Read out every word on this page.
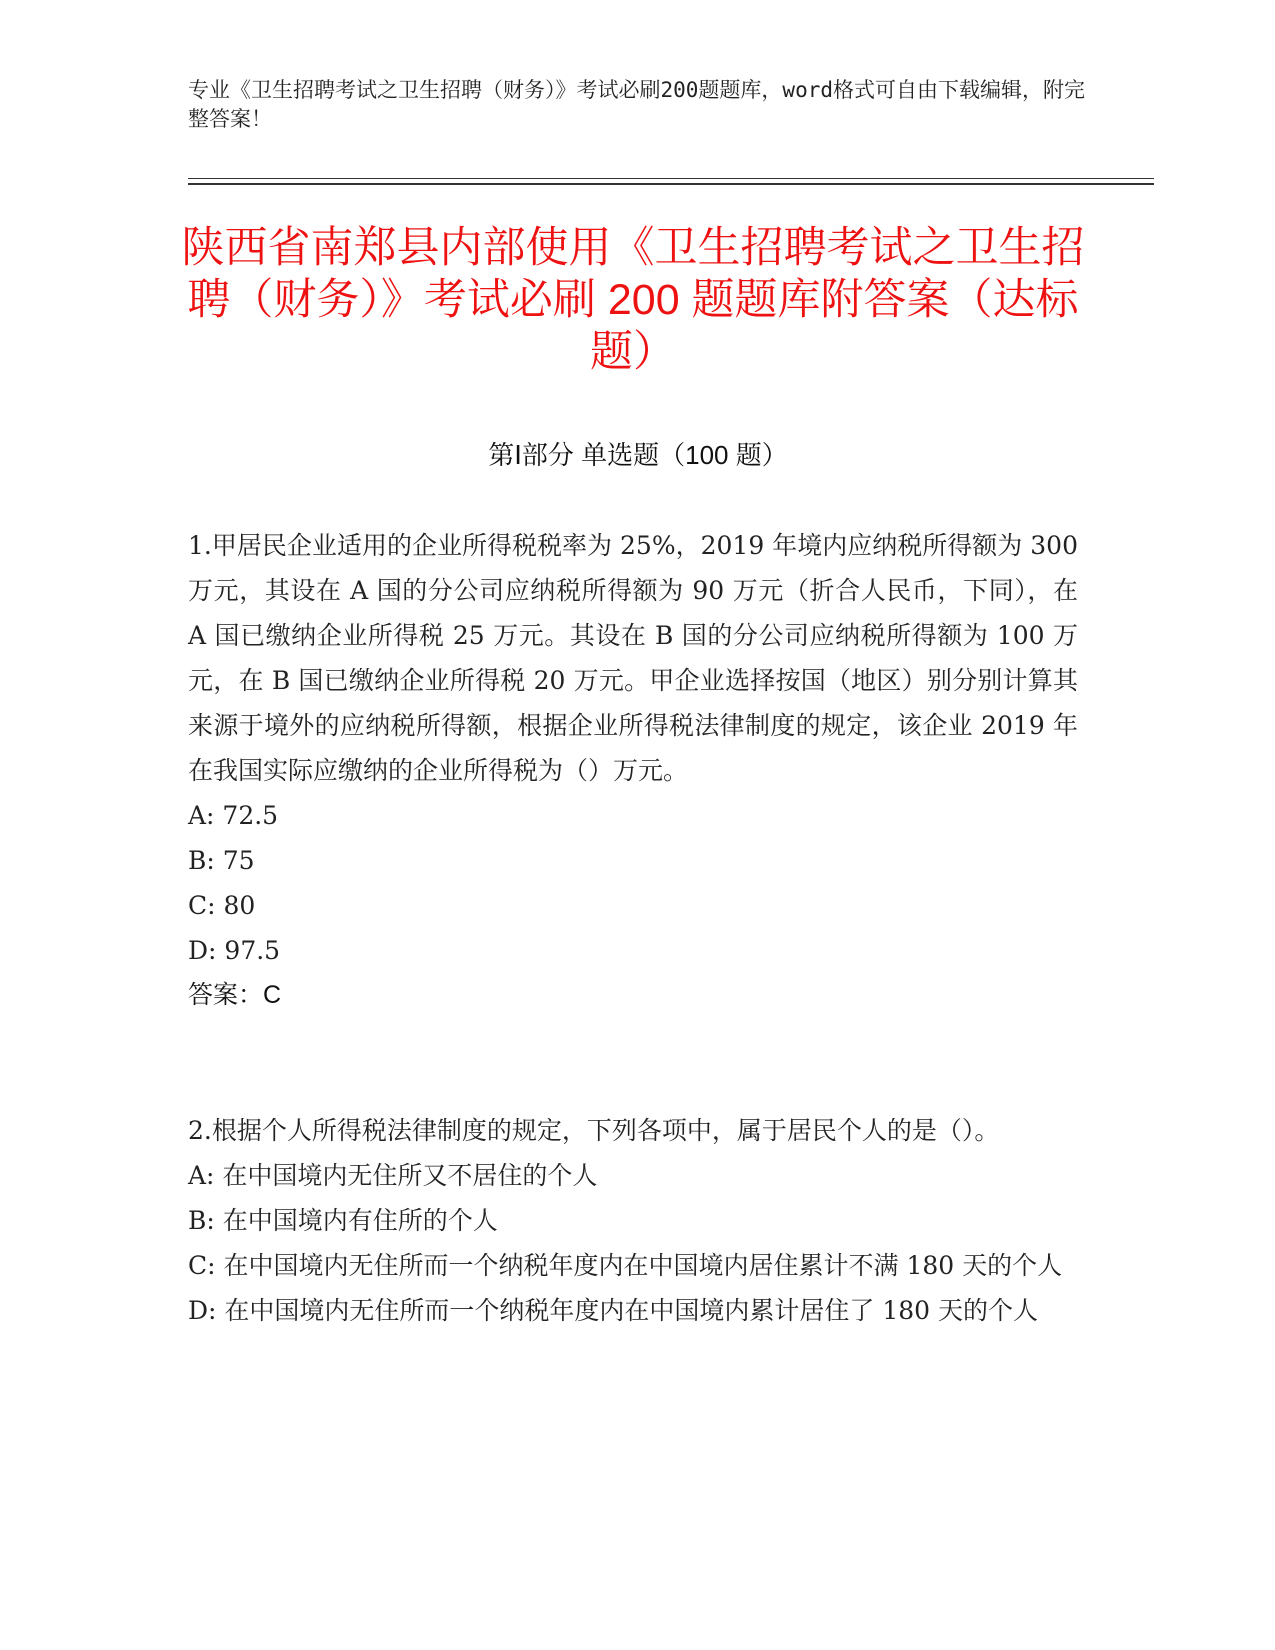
专业《卫生招聘考试之卫生招聘（财务）》考试必刷200题题库，word格式可自由下载编辑，附完整答案！
陕西省南郑县内部使用《卫生招聘考试之卫生招聘（财务）》考试必刷 200 题题库附答案（达标题）
第Ⅰ部分 单选题（100 题）

1.甲居民企业适用的企业所得税税率为 25%，2019 年境内应纳税所得额为 300 万元，其设在 A 国的分公司应纳税所得额为 90 万元（折合人民币，下同），在 A 国已缴纳企业所得税 25 万元。其设在 B 国的分公司应纳税所得额为 100 万元，在 B 国已缴纳企业所得税 20 万元。甲企业选择按国（地区）别分别计算其来源于境外的应纳税所得额，根据企业所得税法律制度的规定，该企业 2019 年在我国实际应缴纳的企业所得税为（）万元。

A: 72.5

B: 75

C: 80

D: 97.5

答案：C

2.根据个人所得税法律制度的规定，下列各项中，属于居民个人的是（）。

A: 在中国境内无住所又不居住的个人

B: 在中国境内有住所的个人

C: 在中国境内无住所而一个纳税年度内在中国境内居住累计不满 180 天的个人

D: 在中国境内无住所而一个纳税年度内在中国境内累计居住了 180 天的个人
